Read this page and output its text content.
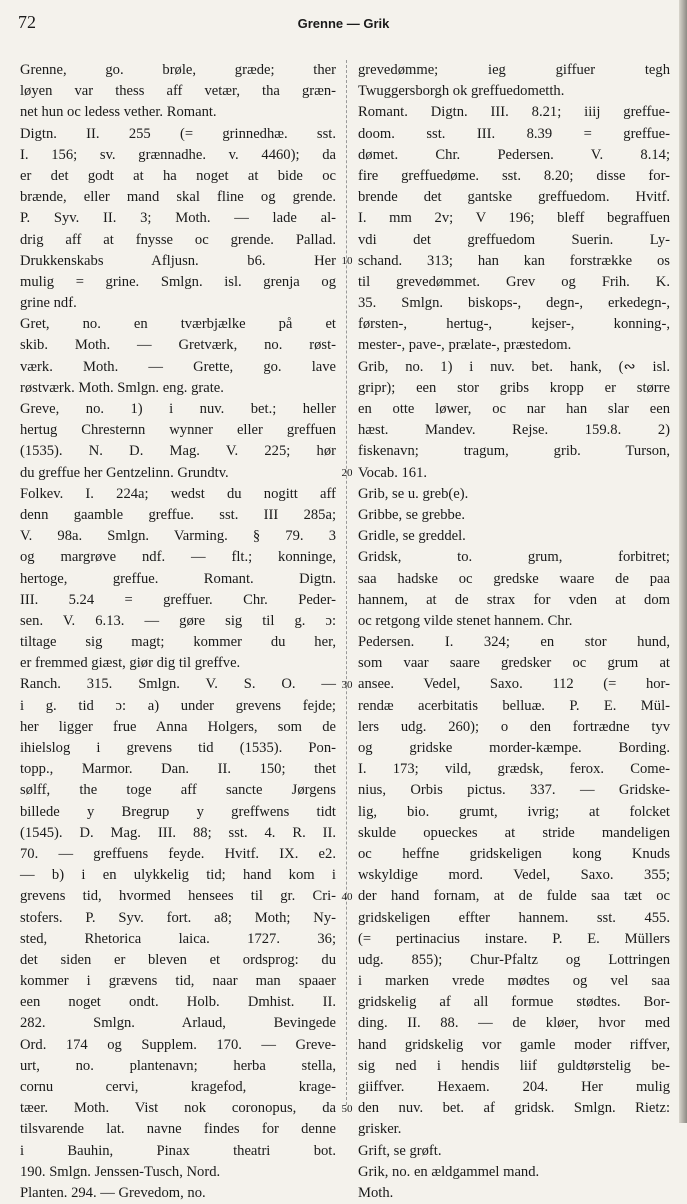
72	Grenne — Grik
Grenne, go. brøle, græde; ther
løyen var thess aff vetær, tha græn-
net hun oc ledess vether. Romant.
Digtn. II. 255 (= grinnedhæ. sst.
I. 156; sv. grænnadhe. v. 4460); da
er det godt at ha noget at bide oc
brænde, eller mand skal fline og grende.
P. Syv. II. 3; Moth. — lade al-
drig aff at fnysse oc grende. Pallad.
Drukkenskabs Afljusn. b6. Her
mulig = grine. Smlgn. isl. grenja og
grine ndf.
Gret, no. en tværbjælke på et
skib. Moth. — Gretværk, no. røst-
værk. Moth. — Grette, go. lave
røstværk. Moth. Smlgn. eng. grate.
Greve, no. 1) i nuv. bet.; heller
hertug Chresternn wynner eller greffuen
(1535). N. D. Mag. V. 225; hør
du greffue her Gentzelinn. Grundtv.
Folkev. I. 224a; wedst du nogitt aff
denn gaamble greffue. sst. III 285a;
V. 98a. Smlgn. Varming. § 79. 3
og margrøve ndf. — flt.; konninge,
hertoge, greffue. Romant. Digtn.
III. 5.24 = greffuer. Chr. Peder-
sen. V. 6.13. — gøre sig til g. ɔ:
tiltage sig magt; kommer du her,
er fremmed giæst, giør dig til greffve.
Ranch. 315. Smlgn. V. S. O. —
i g. tid ɔ: a) under grevens fejde;
her ligger frue Anna Holgers, som de
ihielslog i grevens tid (1535). Pon-
topp., Marmor. Dan. II. 150; thet
sølff, the toge aff sancte Jørgens
billede y Bregrup y greffwens tidt
(1545). D. Mag. III. 88; sst. 4. R. II.
70. — greffuens feyde. Hvitf. IX. e2.
— b) i en ulykkelig tid; hand kom i
grevens tid, hvormed hensees til gr. Cri-
stofers. P. Syv. fort. a8; Moth; Ny-
sted, Rhetorica laica. 1727. 36;
det siden er bleven et ordsprog: du
kommer i grævens tid, naar man spaaer
een noget ondt. Holb. Dmhist. II.
282. Smlgn. Arlaud, Bevingede
Ord. 174 og Supplem. 170. — Greve-
urt, no. plantenavn; herba stella,
cornu cervi, kragefod, krage-
tæer. Moth. Vist nok coronopus, da
tilsvarende lat. navne findes for denne
i Bauhin, Pinax theatri bot.
190. Smlgn. Jenssen-Tusch, Nord.
Planten. 294. — Grevedom, no.
grevedømme; ieg giffuer tegh
Twuggersborgh ok greffuedometth.
Romant. Digtn. III. 8.21; iiij greffue-
doom. sst. III. 8.39 = greffue-
dømet. Chr. Pedersen. V. 8.14;
fire greffuedøme. sst. 8.20; disse for-
brende det gantske greffuedom. Hvitf.
I. mm 2v; V 196; bleff begraffuen
vdi det greffuedom Suerin. Ly-
schand. 313; han kan forstrække os
til grevedømmet. Grev og Frih. K.
35. Smlgn. biskops-, degn-, erkedegn-,
førsten-, hertug-, kejser-, konning-,
mester-, pave-, prælate-, præstedom.
Grib, no. 1) i nuv. bet. hank, (∾ isl.
gripr); een stor gribs kropp er større
en otte løwer, oc nar han slar een
hæst. Mandev. Rejse. 159.8. 2)
fiskenavn; tragum, grib. Turson,
Vocab. 161.
Grib, se u. greb(e).
Gribbe, se grebbe.
Gridle, se greddel.
Gridsk, to. grum, forbitret;
saa hadske oc gredske waare de paa
hannem, at de strax for vden at dom
oc retgong vilde stenet hannem. Chr.
Pedersen. I. 324; en stor hund,
som vaar saare gredsker oc grum at
ansee. Vedel, Saxo. 112 (= hor-
rendæ acerbitatis belluæ. P. E. Mül-
lers udg. 260); o den fortrædne tyv
og gridske morder-kæmpe. Bording.
I. 173; vild, grædsk, ferox. Come-
nius, Orbis pictus. 337. — Gridske-
lig, bio. grumt, ivrig; at folcket
skulde opueckes at stride mandeligen
oc heffne gridskeligen kong Knuds
wskyldige mord. Vedel, Saxo. 355;
der hand fornam, at de fulde saa tæt oc
gridskeligen effter hannem. sst. 455.
(= pertinacius instare. P. E. Müllers
udg. 855); Chur-Pfaltz og Lottringen
i marken vrede mødtes og vel saa
gridskelig af all formue stødtes. Bor-
ding. II. 88. — de kløer, hvor med
hand gridskelig vor gamle moder riffver,
sig ned i hendis liif guldtørstelig be-
giiffver. Hexaem. 204. Her mulig
den nuv. bet. af gridsk. Smlgn. Rietz:
grisker.
Grift, se grøft.
Grik, no. en ældgammel mand.
Moth.
10
20
30
40
50
